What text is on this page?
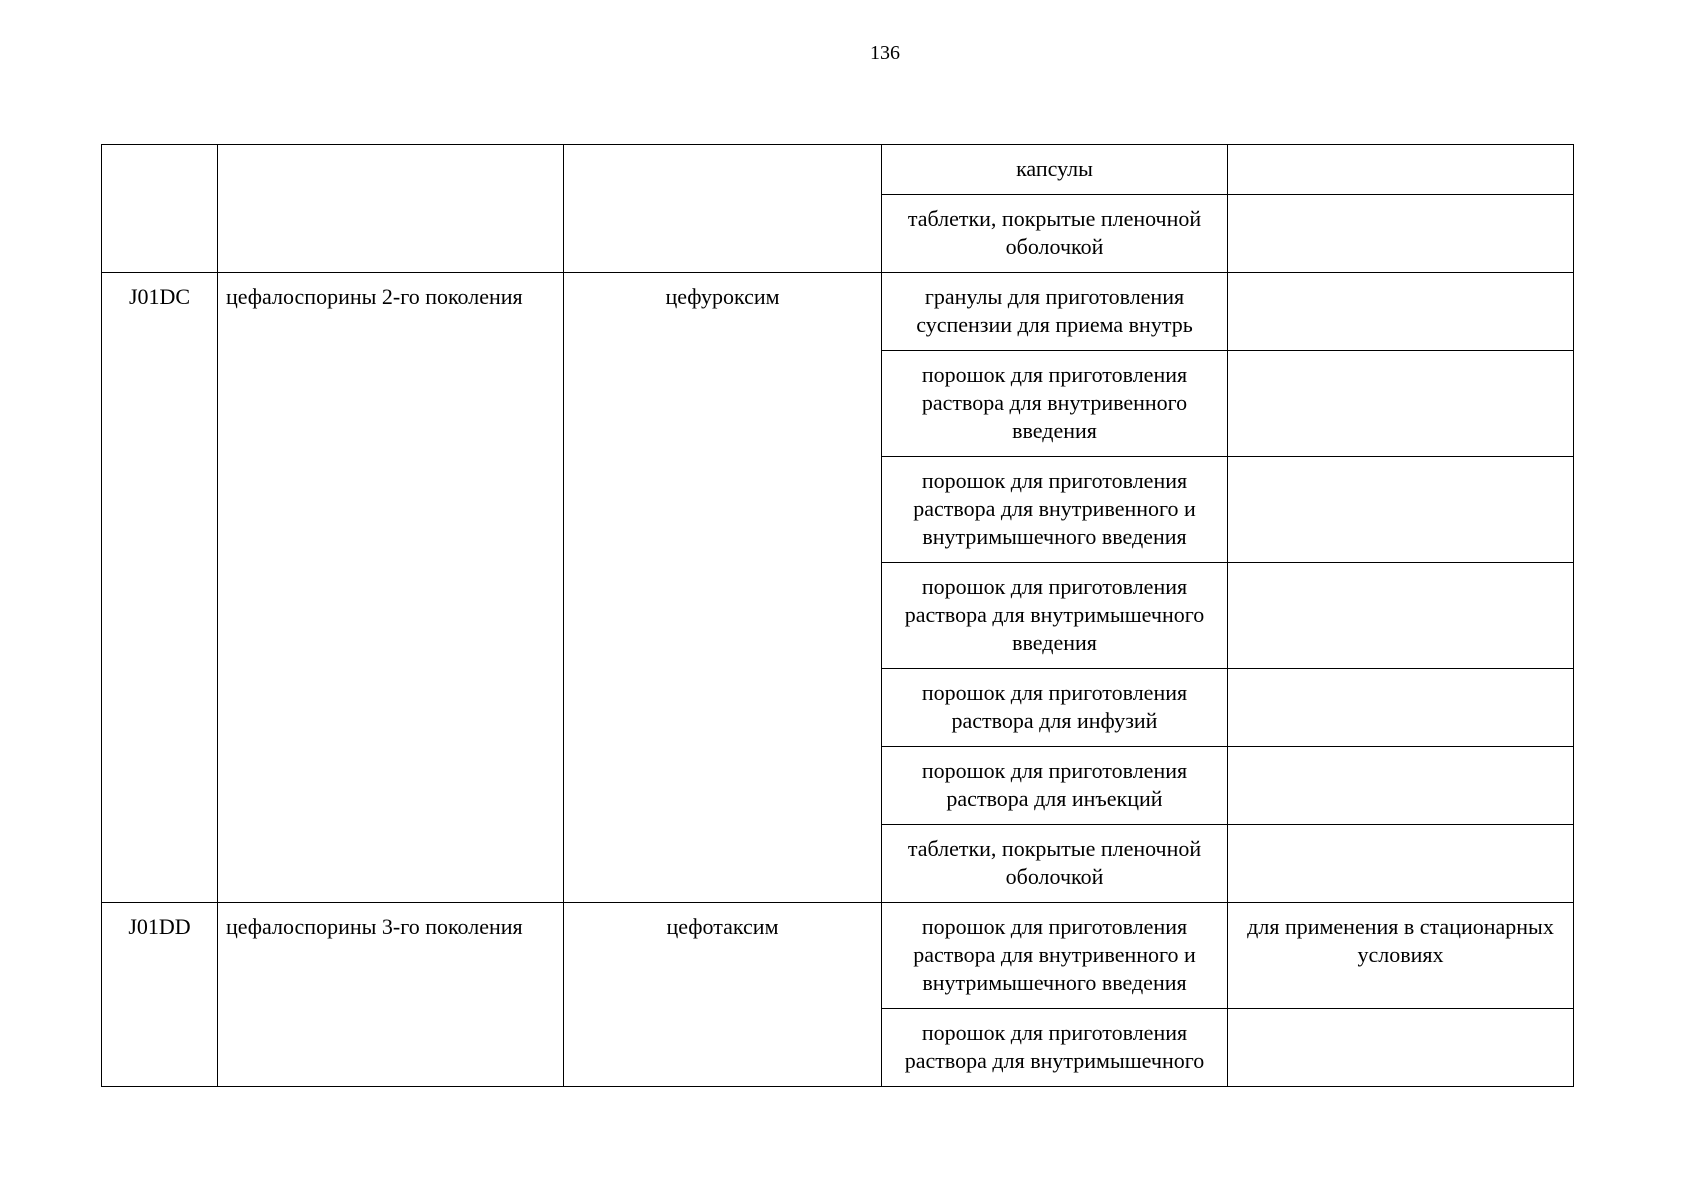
136
			капсулы	
			таблетки, покрытые пленочной оболочкой	
J01DC	цефалоспорины 2-го поколения	цефуроксим	гранулы для приготовления суспензии для приема внутрь	
			порошок для приготовления раствора для внутривенного введения	
			порошок для приготовления раствора для внутривенного и внутримышечного введения	
			порошок для приготовления раствора для внутримышечного введения	
			порошок для приготовления раствора для инфузий	
			порошок для приготовления раствора для инъекций	
			таблетки, покрытые пленочной оболочкой	
J01DD	цефалоспорины 3-го поколения	цефотаксим	порошок для приготовления раствора для внутривенного и внутримышечного введения	для применения в стационарных условиях
			порошок для приготовления раствора для внутримышечного	
